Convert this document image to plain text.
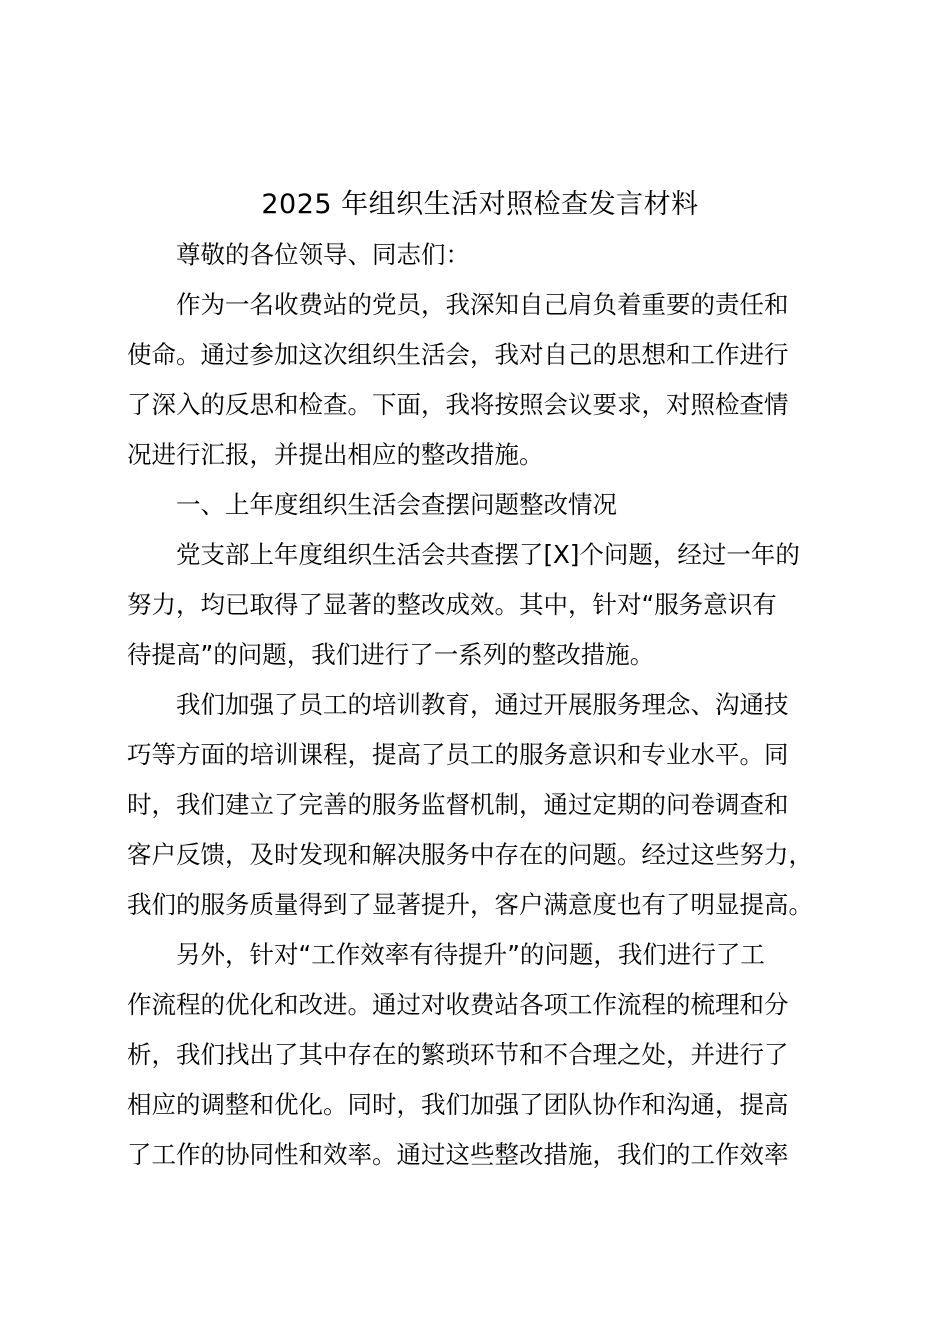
2025 年组织生活对照检查发言材料

尊敬的各位领导、同志们：

作为一名收费站的党员，我深知自己肩负着重要的责任和
使命。通过参加这次组织生活会，我对自己的思想和工作进行
了深入的反思和检查。下面，我将按照会议要求，对照检查情
况进行汇报，并提出相应的整改措施。

一、上年度组织生活会查摆问题整改情况

党支部上年度组织生活会共查摆了[X]个问题，经过一年的
努力，均已取得了显著的整改成效。其中，针对“服务意识有
待提高”的问题，我们进行了一系列的整改措施。

我们加强了员工的培训教育，通过开展服务理念、沟通技
巧等方面的培训课程，提高了员工的服务意识和专业水平。同
时，我们建立了完善的服务监督机制，通过定期的问卷调查和
客户反馈，及时发现和解决服务中存在的问题。经过这些努力，
我们的服务质量得到了显著提升，客户满意度也有了明显提高。

另外，针对“工作效率有待提升”的问题，我们进行了工
作流程的优化和改进。通过对收费站各项工作流程的梳理和分
析，我们找出了其中存在的繁琐环节和不合理之处，并进行了
相应的调整和优化。同时，我们加强了团队协作和沟通，提高
了工作的协同性和效率。通过这些整改措施，我们的工作效率
